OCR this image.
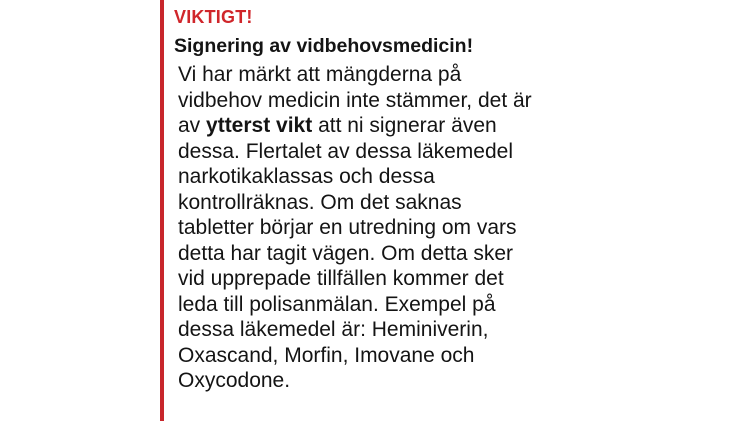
VIKTIGT!
Signering av vidbehovsmedicin!
Vi har märkt att mängderna på
vidbehov medicin inte stämmer, det är
av ytterst vikt att ni signerar även
dessa. Flertalet av dessa läkemedel
narkotikaklassas och dessa
kontrollräknas. Om det saknas
tabletter börjar en utredning om vars
detta har tagit vägen. Om detta sker
vid upprepade tillfällen kommer det
leda till polisanmälan. Exempel på
dessa läkemedel är: Heminiverin,
Oxascand, Morfin, Imovane och
Oxycodone.
